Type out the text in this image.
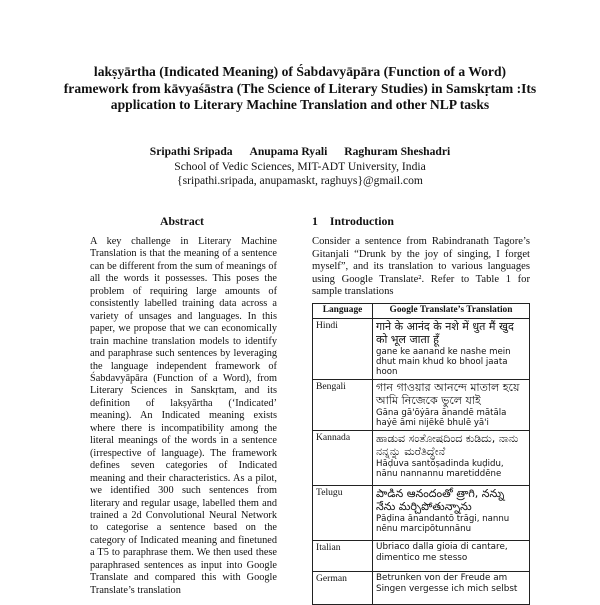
lakṣyārtha (Indicated Meaning) of Śabdavyāpāra (Function of a Word) framework from kāvyaśāstra (The Science of Literary Studies) in Samskṛtam :Its application to Literary Machine Translation and other NLP tasks
Sripathi Sripada Anupama Ryali Raghuram Sheshadri
School of Vedic Sciences, MIT-ADT University, India
{sripathi.sripada, anupamaskt, raghuys}@gmail.com
Abstract	1 Introduction
A key challenge in Literary Machine Translation is that the meaning of a sentence can be different from the sum of meanings of all the words it possesses. This poses the problem of requiring large amounts of consistently labelled training data across a variety of unsages and languages. In this paper, we propose that we can economically train machine translation models to identify and paraphrase such sentences by leveraging the language independent framework of Śabdavyāpāra (Function of a Word), from Literary Sciences in Sanskṛtam, and its definition of lakṣyārtha (‘Indicated’ meaning). An Indicated meaning exists where there is incompatibility among the literal meanings of the words in a sentence (irrespective of language). The framework defines seven categories of Indicated meaning and their characteristics. As a pilot, we identified 300 such sentences from literary and regular usage, labelled them and trained a 2d Convolutional Neural Network to categorise a sentence based on the category of Indicated meaning and finetuned a T5 to paraphrase them. We then used these paraphrased sentences as input into Google Translate and compared this with Google Translate’s translation
Consider a sentence from Rabindranath Tagore’s Gitanjali “Drunk by the joy of singing, I forget myself”, and its translation to various languages using Google Translate². Refer to Table 1 for sample translations
Language	Google Translate’s Translation
Hindi	गाने के आनंद के नशे में धुत मैं खुद को भूल जाता हूँ
gane ke aanand ke nashe mein dhut main khud ko bhool jaata hoon

Bengali	গান গাওয়ার আনন্দে মাতাল হয়ে আমি নিজেকে ভুলে যাই
Gāna gā'ōẏāra ānandē mātāla haẏē āmi nijēkē bhulē yā'i

Kannada	ಹಾಡುವ ಸಂತೋಷದಿಂದ ಕುಡಿದು, ನಾನು ನನ್ನನ್ನು ಮರೆತಿದ್ದೇನೆ
Hāḍuva santōṣadinda kuḍidu, nānu nannannu maretiddēne

Telugu	పాడిన ఆనందంతో త్రాగి, నన్ను నేను మర్చిపోతున్నాను
Pāḍina ānandantō trāgi, nannu nēnu marcipōtunnānu

Italian	Ubriaco dalla gioia di cantare, dimentico me stesso

German	Betrunken von der Freude am Singen vergesse ich mich selbst
